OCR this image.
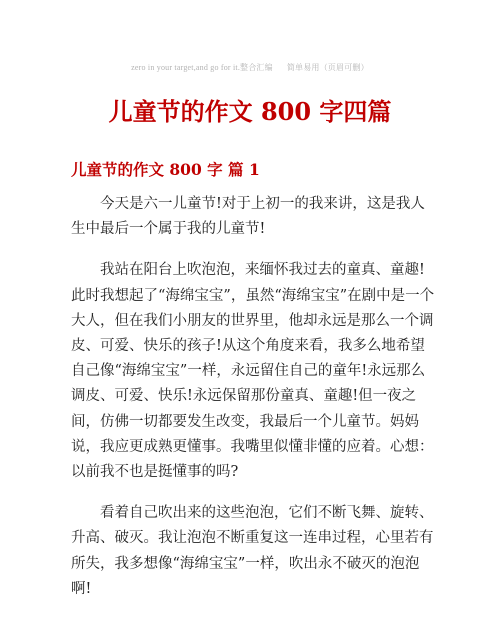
zero in your target,and go for it.整合汇编 简单易用（页眉可删）
儿童节的作文 800 字四篇
儿童节的作文 800 字 篇 1

今天是六一儿童节!对于上初一的我来讲，这是我人生中最后一个属于我的儿童节!

我站在阳台上吹泡泡，来缅怀我过去的童真、童趣!此时我想起了“海绵宝宝”，虽然“海绵宝宝”在剧中是一个大人，但在我们小朋友的世界里，他却永远是那么一个调皮、可爱、快乐的孩子!从这个角度来看，我多么地希望自己像“海绵宝宝”一样，永远留住自己的童年!永远那么调皮、可爱、快乐!永远保留那份童真、童趣!但一夜之间，仿佛一切都要发生改变，我最后一个儿童节。妈妈说，我应更成熟更懂事。我嘴里似懂非懂的应着。心想：以前我不也是挺懂事的吗?

看着自己吹出来的这些泡泡，它们不断飞舞、旋转、升高、破灭。我让泡泡不断重复这一连串过程，心里若有所失，我多想像“海绵宝宝”一样，吹出永不破灭的泡泡啊!
